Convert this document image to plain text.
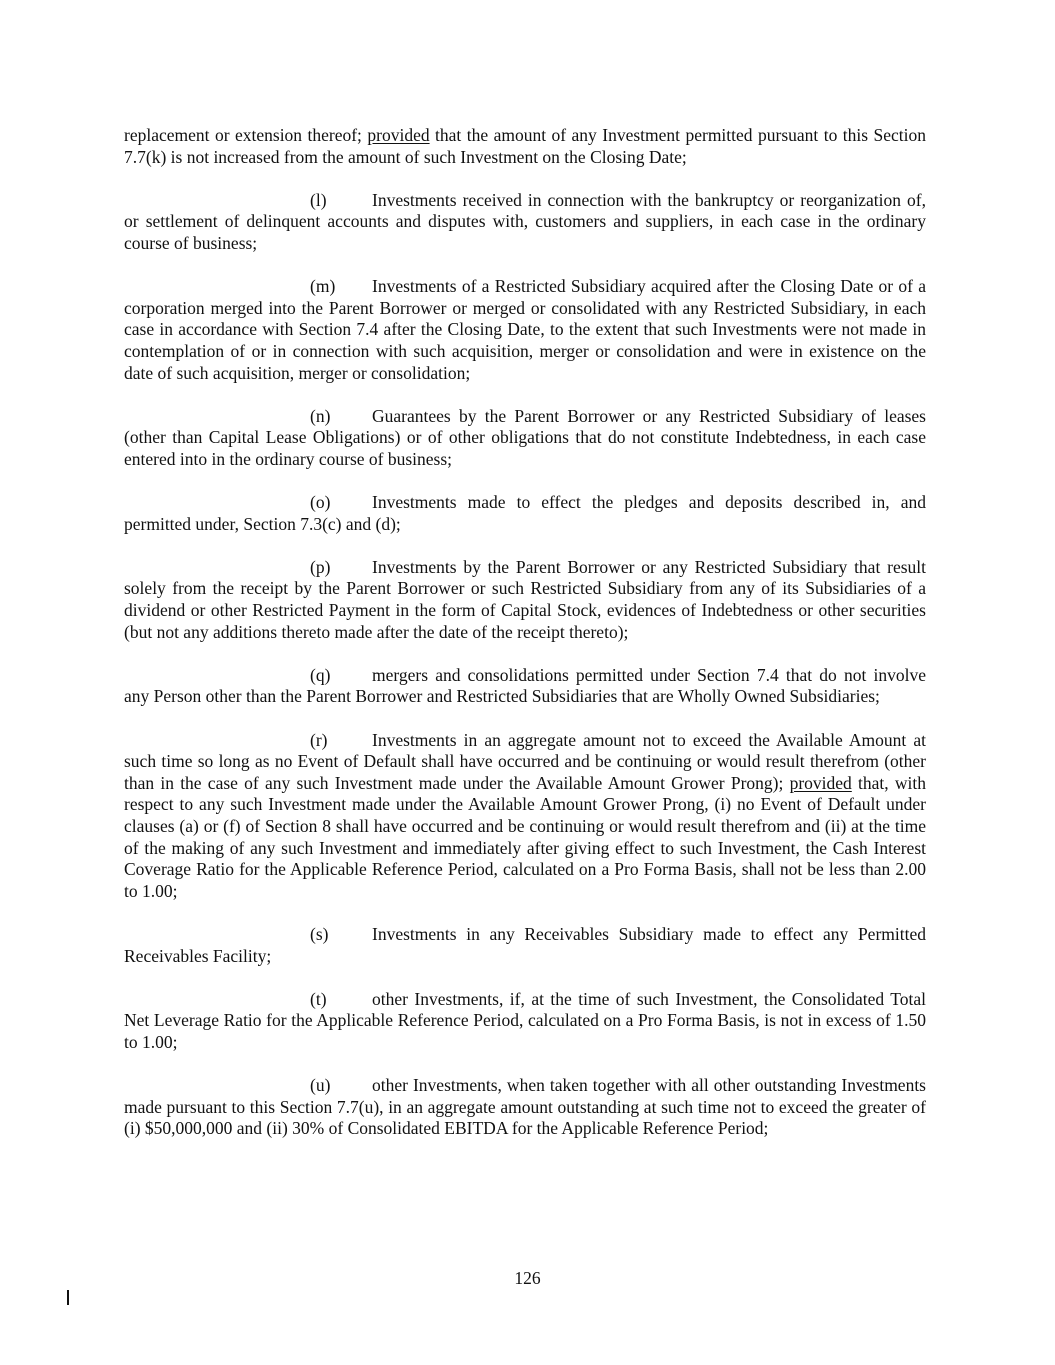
replacement or extension thereof; provided that the amount of any Investment permitted pursuant to this Section 7.7(k) is not increased from the amount of such Investment on the Closing Date;

(l)	Investments received in connection with the bankruptcy or reorganization of, or settlement of delinquent accounts and disputes with, customers and suppliers, in each case in the ordinary course of business;

(m) Investments of a Restricted Subsidiary acquired after the Closing Date or of a corporation merged into the Parent Borrower or merged or consolidated with any Restricted Subsidiary, in each case in accordance with Section 7.4 after the Closing Date, to the extent that such Investments were not made in contemplation of or in connection with such acquisition, merger or consolidation and were in existence on the date of such acquisition, merger or consolidation;

(n) Guarantees by the Parent Borrower or any Restricted Subsidiary of leases (other than Capital Lease Obligations) or of other obligations that do not constitute Indebtedness, in each case entered into in the ordinary course of business;

(o) Investments made to effect the pledges and deposits described in, and permitted under, Section 7.3(c) and (d);

(p) Investments by the Parent Borrower or any Restricted Subsidiary that result solely from the receipt by the Parent Borrower or such Restricted Subsidiary from any of its Subsidiaries of a dividend or other Restricted Payment in the form of Capital Stock, evidences of Indebtedness or other securities (but not any additions thereto made after the date of the receipt thereto);

(q) mergers and consolidations permitted under Section 7.4 that do not involve any Person other than the Parent Borrower and Restricted Subsidiaries that are Wholly Owned Subsidiaries;

(r)	Investments in an aggregate amount not to exceed the Available Amount at such time so long as no Event of Default shall have occurred and be continuing or would result therefrom (other than in the case of any such Investment made under the Available Amount Grower Prong); provided that, with respect to any such Investment made under the Available Amount Grower Prong, (i) no Event of Default under clauses (a) or (f) of Section 8 shall have occurred and be continuing or would result therefrom and (ii) at the time of the making of any such Investment and immediately after giving effect to such Investment, the Cash Interest Coverage Ratio for the Applicable Reference Period, calculated on a Pro Forma Basis, shall not be less than 2.00 to 1.00;

(s) Investments in any Receivables Subsidiary made to effect any Permitted Receivables Facility;

(t)	other Investments, if, at the time of such Investment, the Consolidated Total Net Leverage Ratio for the Applicable Reference Period, calculated on a Pro Forma Basis, is not in excess of 1.50 to 1.00;

(u) other Investments, when taken together with all other outstanding Investments made pursuant to this Section 7.7(u), in an aggregate amount outstanding at such time not to exceed the greater of (i) $50,000,000 and (ii) 30% of Consolidated EBITDA for the Applicable Reference Period;

126
